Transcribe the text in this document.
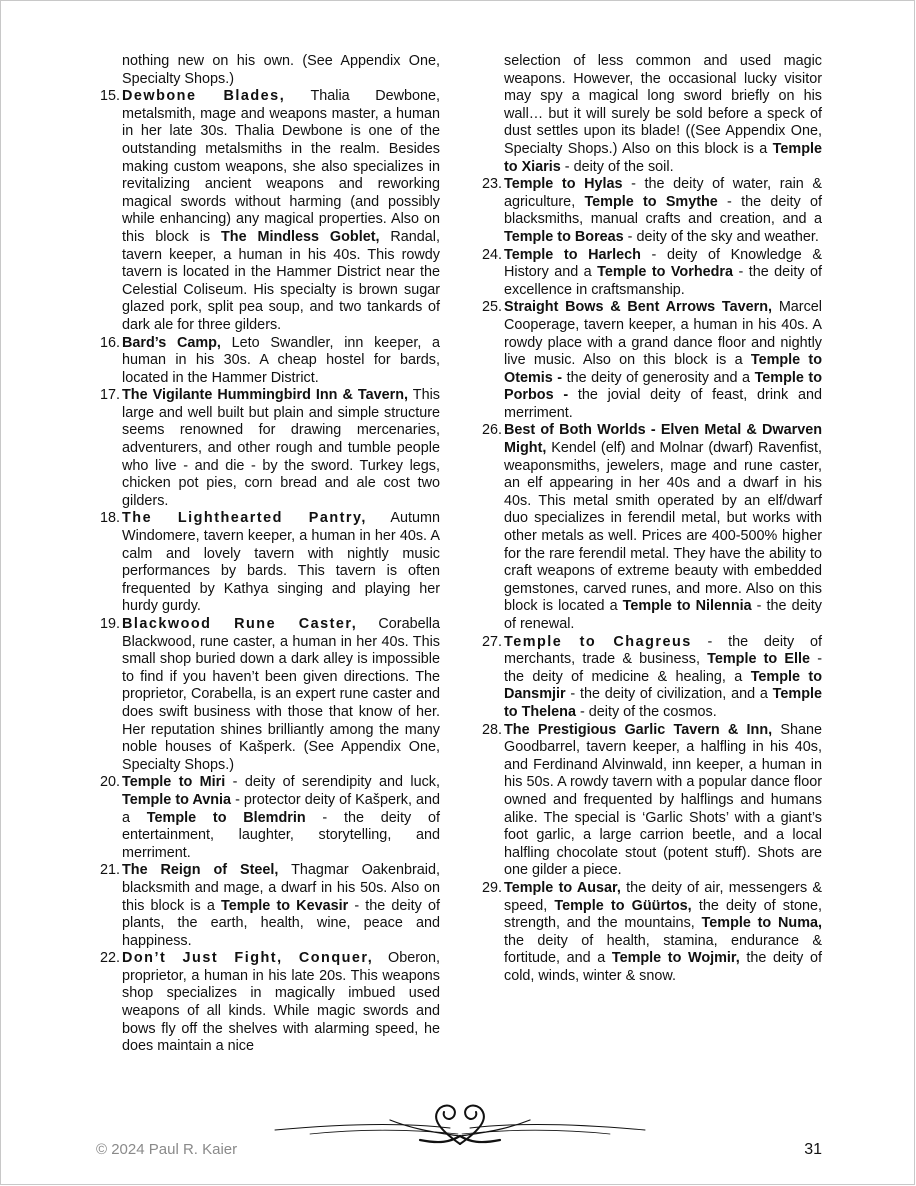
nothing new on his own. (See Appendix One, Specialty Shops.)

15. Dewbone Blades, Thalia Dewbone, metalsmith, mage and weapons master, a human in her late 30s. Thalia Dewbone is one of the outstanding metalsmiths in the realm. Besides making custom weapons, she also specializes in revitalizing ancient weapons and reworking magical swords without harming (and possibly while enhancing) any magical properties. Also on this block is The Mindless Goblet, Randal, tavern keeper, a human in his 40s. This rowdy tavern is located in the Hammer District near the Celestial Coliseum. His specialty is brown sugar glazed pork, split pea soup, and two tankards of dark ale for three gilders.
16. Bard’s Camp, Leto Swandler, inn keeper, a human in his 30s. A cheap hostel for bards, located in the Hammer District.
17. The Vigilante Hummingbird Inn & Tavern, This large and well built but plain and simple structure seems renowned for drawing mercenaries, adventurers, and other rough and tumble people who live - and die - by the sword. Turkey legs, chicken pot pies, corn bread and ale cost two gilders.
18. The Lighthearted Pantry, Autumn Windomere, tavern keeper, a human in her 40s. A calm and lovely tavern with nightly music performances by bards. This tavern is often frequented by Kathya singing and playing her hurdy gurdy.
19. Blackwood Rune Caster, Corabella Blackwood, rune caster, a human in her 40s. This small shop buried down a dark alley is impossible to find if you haven’t been given directions. The proprietor, Corabella, is an expert rune caster and does swift business with those that know of her. Her reputation shines brilliantly among the many noble houses of Kašperk. (See Appendix One, Specialty Shops.)
20. Temple to Miri - deity of serendipity and luck, Temple to Avnia - protector deity of Kašperk, and a Temple to Blemdrin - the deity of entertainment, laughter, storytelling, and merriment.
21. The Reign of Steel, Thagmar Oakenbraid, blacksmith and mage, a dwarf in his 50s. Also on this block is a Temple to Kevasir - the deity of plants, the earth, health, wine, peace and happiness.
22. Don’t Just Fight, Conquer, Oberon, proprietor, a human in his late 20s. This weapons shop specializes in magically imbued used weapons of all kinds. While magic swords and bows fly off the shelves with alarming speed, he does maintain a nice

selection of less common and used magic weapons. However, the occasional lucky visitor may spy a magical long sword briefly on his wall… but it will surely be sold before a speck of dust settles upon its blade! ((See Appendix One, Specialty Shops.) Also on this block is a Temple to Xiaris - deity of the soil.

23. Temple to Hylas - the deity of water, rain & agriculture, Temple to Smythe - the deity of blacksmiths, manual crafts and creation, and a Temple to Boreas - deity of the sky and weather.
24. Temple to Harlech - deity of Knowledge & History and a Temple to Vorhedra - the deity of excellence in craftsmanship.
25. Straight Bows & Bent Arrows Tavern, Marcel Cooperage, tavern keeper, a human in his 40s. A rowdy place with a grand dance floor and nightly live music. Also on this block is a Temple to Otemis - the deity of generosity and a Temple to Porbos - the jovial deity of feast, drink and merriment.
26. Best of Both Worlds - Elven Metal & Dwarven Might, Kendel (elf) and Molnar (dwarf) Ravenfist, weaponsmiths, jewelers, mage and rune caster, an elf appearing in her 40s and a dwarf in his 40s. This metal smith operated by an elf/dwarf duo specializes in ferendil metal, but works with other metals as well. Prices are 400-500% higher for the rare ferendil metal. They have the ability to craft weapons of extreme beauty with embedded gemstones, carved runes, and more. Also on this block is located a Temple to Nilennia - the deity of renewal.
27. Temple to Chagreus - the deity of merchants, trade & business, Temple to Elle - the deity of medicine & healing, a Temple to Dansmjir - the deity of civilization, and a Temple to Thelena - deity of the cosmos.
28. The Prestigious Garlic Tavern & Inn, Shane Goodbarrel, tavern keeper, a halfling in his 40s, and Ferdinand Alvinwald, inn keeper, a human in his 50s. A rowdy tavern with a popular dance floor owned and frequented by halflings and humans alike. The special is ‘Garlic Shots’ with a giant’s foot garlic, a large carrion beetle, and a local halfling chocolate stout (potent stuff). Shots are one gilder a piece.
29. Temple to Ausar, the deity of air, messengers & speed, Temple to Güürtos, the deity of stone, strength, and the mountains, Temple to Numa, the deity of health, stamina, endurance & fortitude, and a Temple to Wojmir, the deity of cold, winds, winter & snow.
© 2024 Paul R. Kaier	31
